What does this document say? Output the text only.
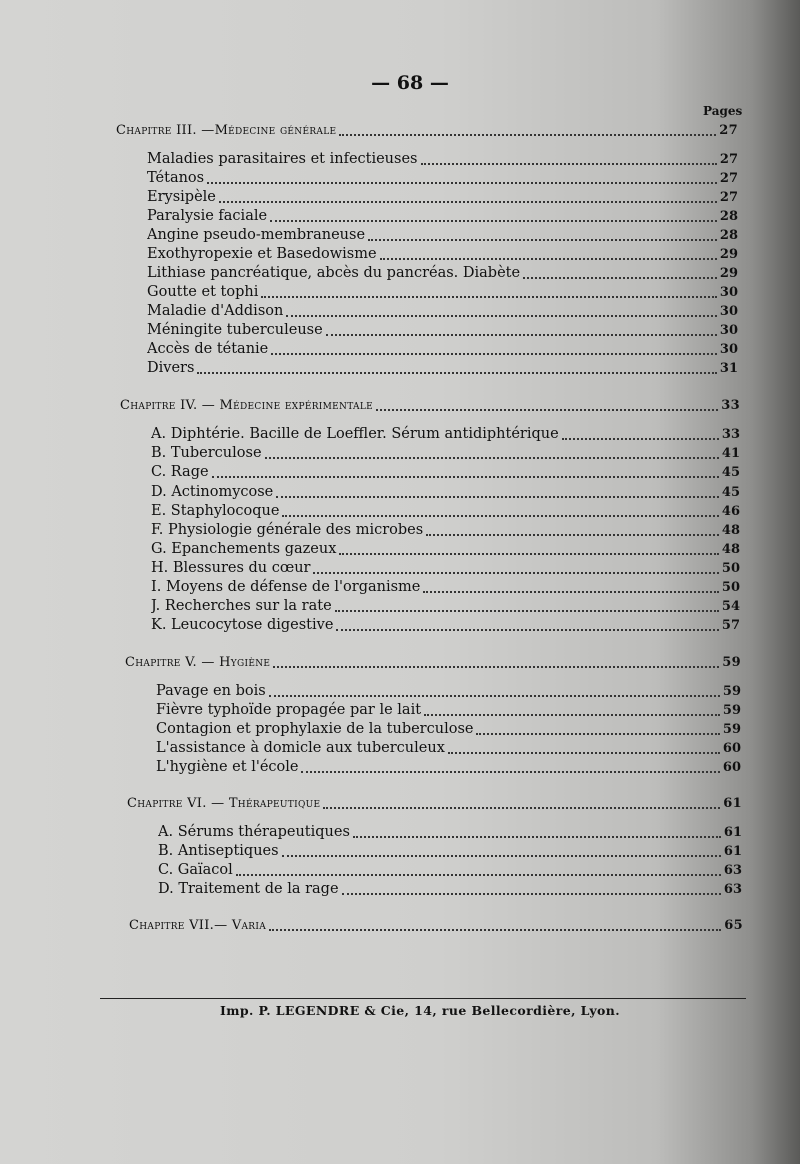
— 68 —
Pages
Chapitre III. —Médecine générale	27
Maladies parasitaires et infectieuses	27
Tétanos	27
Erysipèle	27
Paralysie faciale	28
Angine pseudo-membraneuse	28
Exothyropexie et Basedowisme	29
Lithiase pancréatique, abcès du pancréas. Diabète	29
Goutte et tophi	30
Maladie d'Addison	30
Méningite tuberculeuse	30
Accès de tétanie	30
Divers	31
Chapitre IV. — Médecine expérimentale	33
A. Diphtérie. Bacille de Loeffler. Sérum antidiphtérique	33
B. Tuberculose	41
C. Rage	45
D. Actinomycose	45
E. Staphylocoque	46
F. Physiologie générale des microbes	48
G. Epanchements gazeux	48
H. Blessures du cœur	50
I. Moyens de défense de l'organisme	50
J. Recherches sur la rate	54
K. Leucocytose digestive	57
Chapitre V. — Hygiène	59
Pavage en bois	59
Fièvre typhoïde propagée par le lait	59
Contagion et prophylaxie de la tuberculose	59
L'assistance à domicle aux tuberculeux	60
L'hygiène et l'école	60
Chapitre VI. — Thérapeutique	61
A. Sérums thérapeutiques	61
B. Antiseptiques	61
C. Gaïacol	63
D. Traitement de la rage	63
Chapitre VII.— Varia	65
Imp. P. LEGENDRE & Cie, 14, rue Bellecordière, Lyon.
